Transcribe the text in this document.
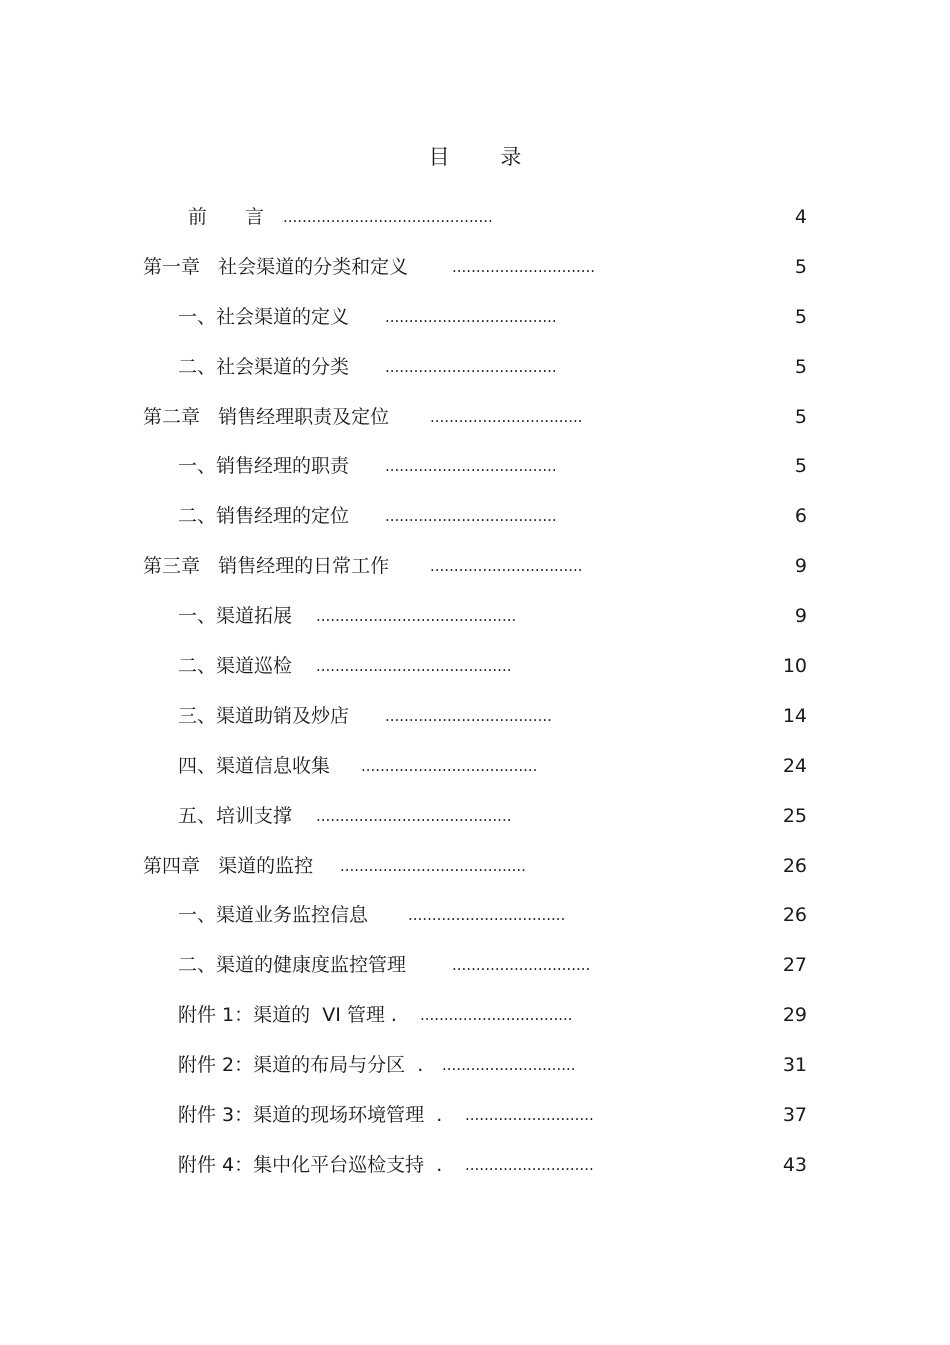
目 录
前　　言 ............................................	4
第一章   社会渠道的分类和定义	..............................	5
一、社会渠道的定义 ....................................	5
二、社会渠道的分类 ....................................	5
第二章   销售经理职责及定位	................................	5
一、销售经理的职责 ....................................	5
二、销售经理的定位 ....................................	6
第三章   销售经理的日常工作	................................	9
一、渠道拓展 ..........................................	9
二、渠道巡检 .........................................	10
三、渠道助销及炒店 ...................................	14
四、渠道信息收集 .....................................	24
五、培训支撑 .........................................	25
第四章   渠道的监控 .......................................	26
一、渠道业务监控信息	.................................	26
二、渠道的健康度监控管理	.............................	27
附件 1：渠道的  VI 管理 . ................................	29
附件 2：渠道的布局与分区  . ............................	31
附件 3：渠道的现场环境管理  . ...........................	37
附件 4：集中化平台巡检支持  . ...........................	43
